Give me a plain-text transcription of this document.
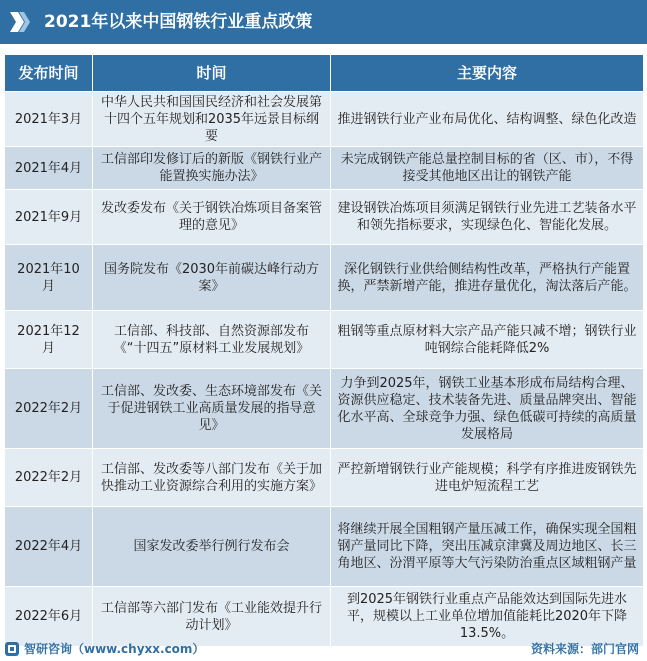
2021年以来中国钢铁行业重点政策
发布时间	时间	主要内容
2021年3月	中华人民共和国国民经济和社会发展第十四个五年规划和2035年远景目标纲要	推进钢铁行业产业布局优化、结构调整、绿色化改造
2021年4月	工信部印发修订后的新版《钢铁行业产能置换实施办法》	未完成钢铁产能总量控制目标的省（区、市），不得接受其他地区出让的钢铁产能
2021年9月	发改委发布《关于钢铁冶炼项目备案管理的意见》	建设钢铁冶炼项目须满足钢铁行业先进工艺装备水平和领先指标要求，实现绿色化、智能化发展。
2021年10月	国务院发布《2030年前碳达峰行动方案》	深化钢铁行业供给侧结构性改革，严格执行产能置换，严禁新增产能，推进存量优化，淘汰落后产能。
2021年12月	工信部、科技部、自然资源部发布《“十四五”原材料工业发展规划》	粗钢等重点原材料大宗产品产能只减不增；钢铁行业吨钢综合能耗降低2%
2022年2月	工信部、发改委、生态环境部发布《关于促进钢铁工业高质量发展的指导意见》	力争到2025年，钢铁工业基本形成布局结构合理、资源供应稳定、技术装备先进、质量品牌突出、智能化水平高、全球竞争力强、绿色低碳可持续的高质量发展格局
2022年2月	工信部、发改委等八部门发布《关于加快推动工业资源综合利用的实施方案》	严控新增钢铁行业产能规模；科学有序推进废钢铁先进电炉短流程工艺
2022年4月	国家发改委举行例行发布会	将继续开展全国粗钢产量压减工作，确保实现全国粗钢产量同比下降，突出压减京津冀及周边地区、长三角地区、汾渭平原等大气污染防治重点区域粗钢产量
2022年6月	工信部等六部门发布《工业能效提升行动计划》	到2025年钢铁行业重点产品能效达到国际先进水平，规模以上工业单位增加值能耗比2020年下降13.5%。
智研咨询（www.chyxx.com）	资料来源：部门官网
